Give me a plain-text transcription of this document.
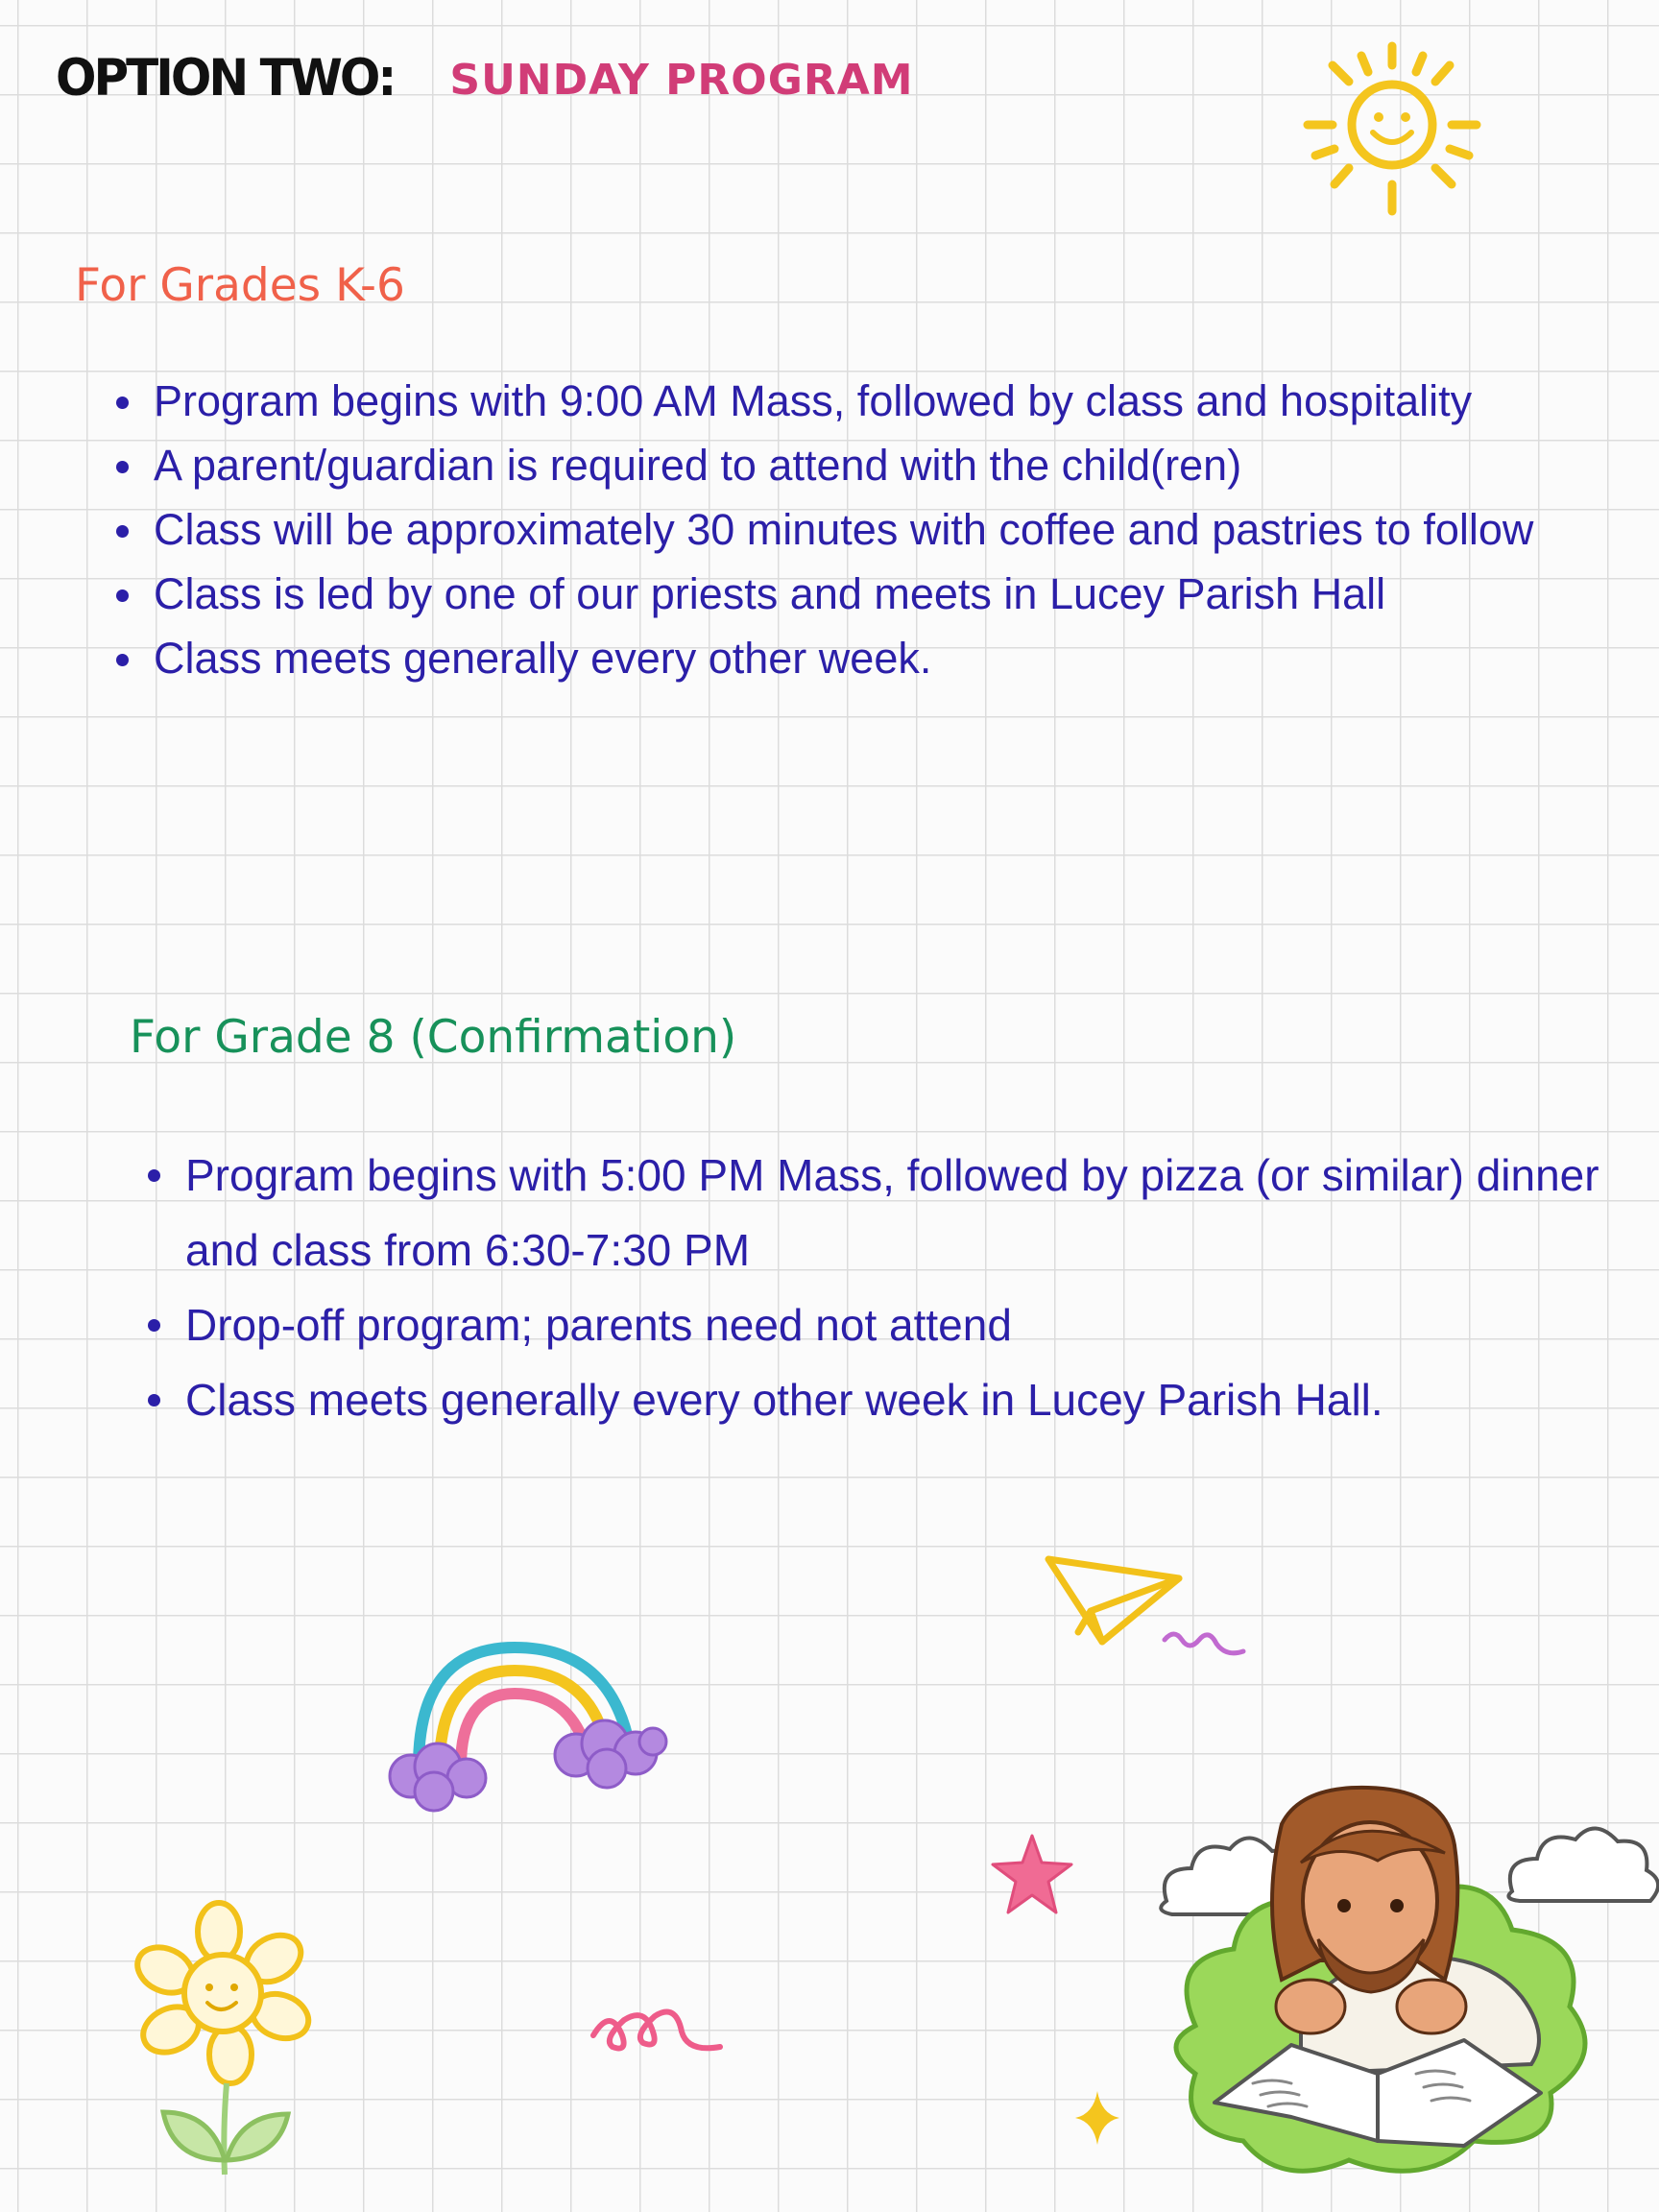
OPTION TWO: SUNDAY PROGRAM
For Grades K-6
Program begins with 9:00 AM Mass, followed by class and hospitality
A parent/guardian is required to attend with the child(ren)
Class will be approximately 30 minutes with coffee and pastries to follow
Class is led by one of our priests and meets in Lucey Parish Hall
Class meets generally every other week.
For Grade 8 (Confirmation)
Program begins with 5:00 PM Mass, followed by pizza (or similar) dinner and class from 6:30-7:30 PM
Drop-off program; parents need not attend
Class meets generally every other week in Lucey Parish Hall.
